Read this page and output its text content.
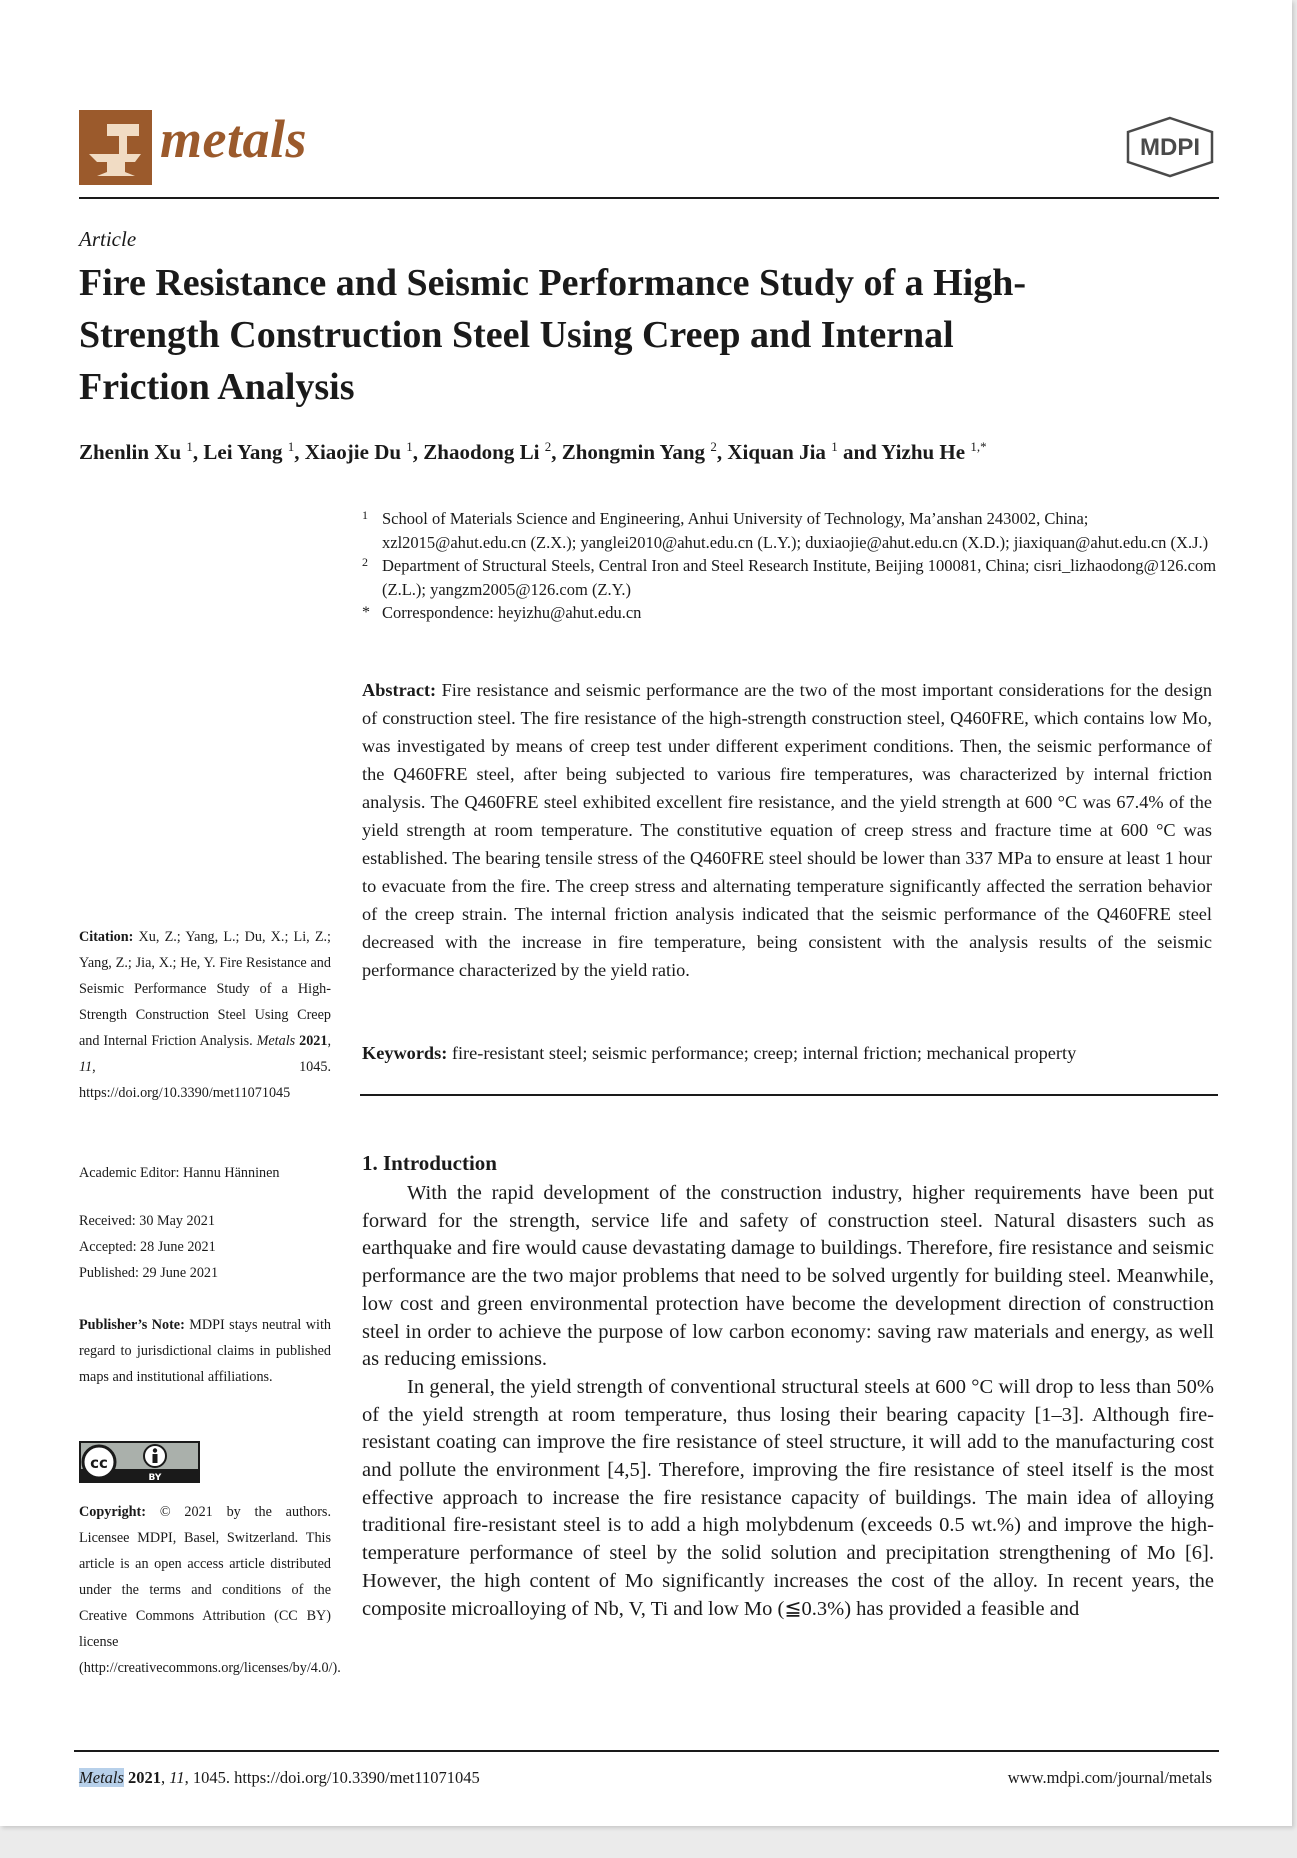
metals	MDPI
Article
Fire Resistance and Seismic Performance Study of a High-Strength Construction Steel Using Creep and Internal Friction Analysis
Zhenlin Xu $^1$, Lei Yang $^1$, Xiaojie Du $^1$, Zhaodong Li $^2$, Zhongmin Yang $^2$, Xiquan Jia $^1$ and Yizhu He $^{1,*}$
1 School of Materials Science and Engineering, Anhui University of Technology, Ma’anshan 243002, China; xzl2015@ahut.edu.cn (Z.X.); yanglei2010@ahut.edu.cn (L.Y.); duxiaojie@ahut.edu.cn (X.D.); jiaxiquan@ahut.edu.cn (X.J.)
2 Department of Structural Steels, Central Iron and Steel Research Institute, Beijing 100081, China; cisri_lizhaodong@126.com (Z.L.); yangzm2005@126.com (Z.Y.)
* Correspondence: heyizhu@ahut.edu.cn
Abstract: Fire resistance and seismic performance are the two of the most important considerations for the design of construction steel. The fire resistance of the high-strength construction steel, Q460FRE, which contains low Mo, was investigated by means of creep test under different experiment conditions. Then, the seismic performance of the Q460FRE steel, after being subjected to various fire temperatures, was characterized by internal friction analysis. The Q460FRE steel exhibited excellent fire resistance, and the yield strength at 600 °C was 67.4% of the yield strength at room temperature. The constitutive equation of creep stress and fracture time at 600 °C was established. The bearing tensile stress of the Q460FRE steel should be lower than 337 MPa to ensure at least 1 hour to evacuate from the fire. The creep stress and alternating temperature significantly affected the serration behavior of the creep strain. The internal friction analysis indicated that the seismic performance of the Q460FRE steel decreased with the increase in fire temperature, being consistent with the analysis results of the seismic performance characterized by the yield ratio.
Keywords: fire-resistant steel; seismic performance; creep; internal friction; mechanical property
Citation: Xu, Z.; Yang, L.; Du, X.; Li, Z.; Yang, Z.; Jia, X.; He, Y. Fire Resistance and Seismic Performance Study of a High-Strength Construction Steel Using Creep and Internal Friction Analysis. Metals 2021, 11, 1045. https://doi.org/10.3390/met11071045
Academic Editor: Hannu Hänninen
Received: 30 May 2021
Accepted: 28 June 2021
Published: 29 June 2021
Publisher’s Note: MDPI stays neutral with regard to jurisdictional claims in published maps and institutional affiliations.
cc
BY
Copyright: © 2021 by the authors. Licensee MDPI, Basel, Switzerland. This article is an open access article distributed under the terms and conditions of the Creative Commons Attribution (CC BY) license (http://creativecommons.org/licenses/by/4.0/).
1. Introduction

With the rapid development of the construction industry, higher requirements have been put forward for the strength, service life and safety of construction steel. Natural disasters such as earthquake and fire would cause devastating damage to buildings. Therefore, fire resistance and seismic performance are the two major problems that need to be solved urgently for building steel. Meanwhile, low cost and green environmental protection have become the development direction of construction steel in order to achieve the purpose of low carbon economy: saving raw materials and energy, as well as reducing emissions.

In general, the yield strength of conventional structural steels at 600 °C will drop to less than 50% of the yield strength at room temperature, thus losing their bearing capacity [1–3]. Although fire-resistant coating can improve the fire resistance of steel structure, it will add to the manufacturing cost and pollute the environment [4,5]. Therefore, improving the fire resistance of steel itself is the most effective approach to increase the fire resistance capacity of buildings. The main idea of alloying traditional fire-resistant steel is to add a high molybdenum (exceeds 0.5 wt.%) and improve the high-temperature performance of steel by the solid solution and precipitation strengthening of Mo [6]. However, the high content of Mo significantly increases the cost of the alloy. In recent years, the composite microalloying of Nb, V, Ti and low Mo (≦0.3%) has provided a feasible and

Metals 2021, 11, 1045. https://doi.org/10.3390/met11071045	www.mdpi.com/journal/metals
